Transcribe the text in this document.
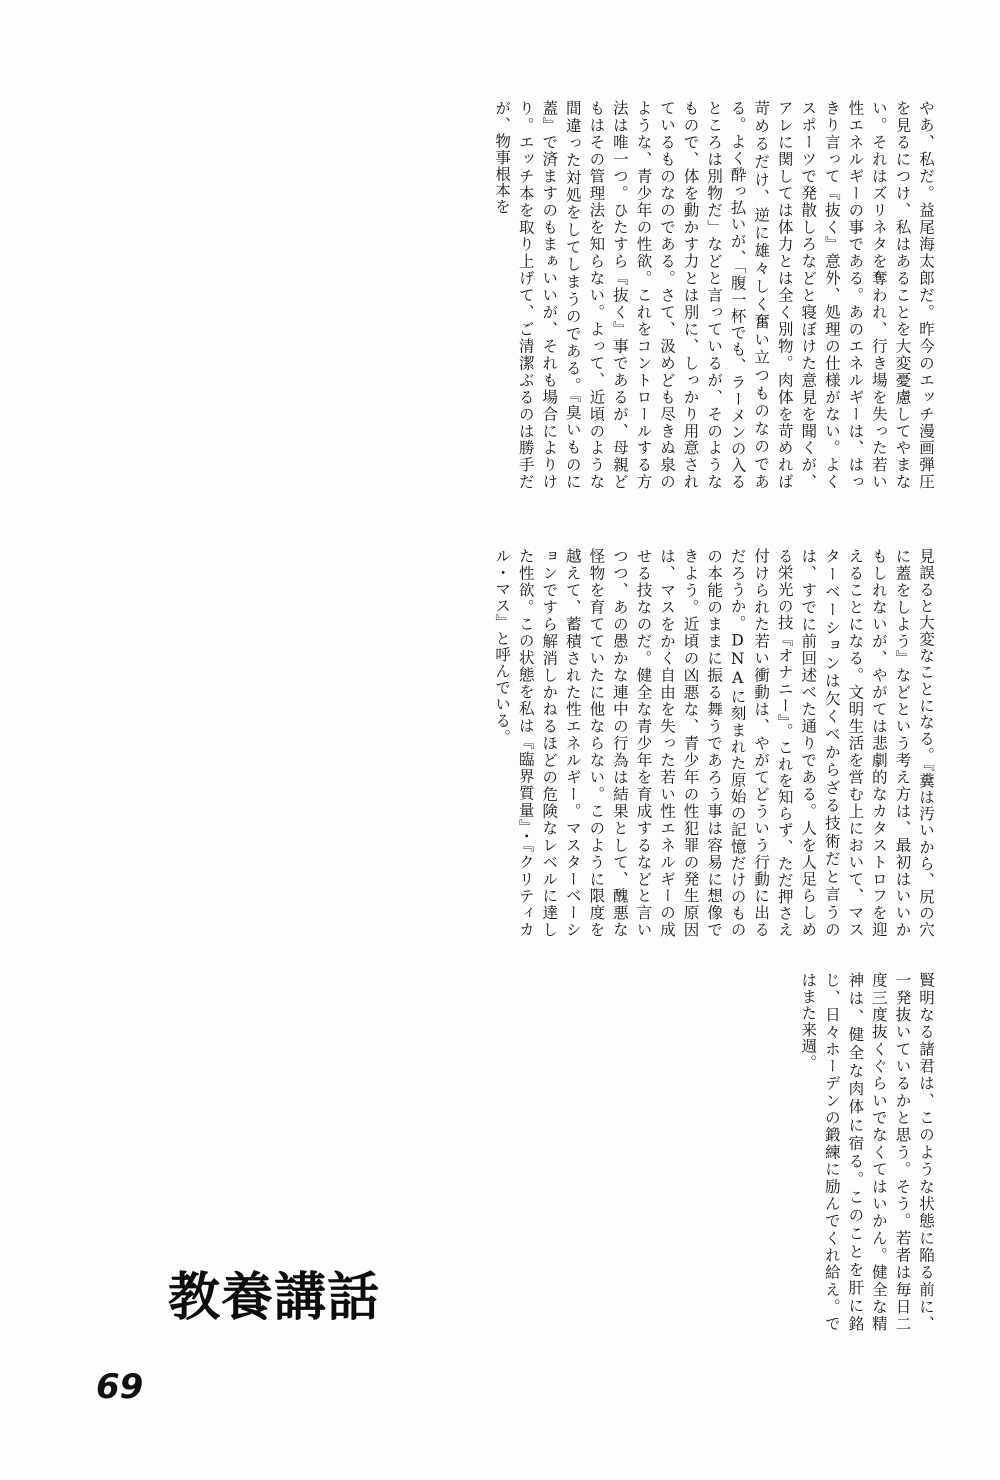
やあ、私だ。益尾海太郎だ。昨今のエッチ漫画弾圧を見るにつけ、私はあることを大変憂慮してやまない。それはズリネタを奪われ、行き場を失った若い性エネルギーの事である。あのエネルギーは、はっきり言って『抜く』意外、処理の仕様がない。よくスポーツで発散しろなどと寝ぼけた意見を聞くが、アレに関しては体力とは全く別物。肉体を苛めれば苛めるだけ、逆に雄々しく奮い立つものなのである。よく酔っ払いが、「腹一杯でも、ラーメンの入るところは別物だ」などと言っているが、そのようなもので、体を動かす力とは別に、しっかり用意されているものなのである。さて、汲めども尽きぬ泉のような、青少年の性欲。これをコントロールする方法は唯一つ。ひたすら『抜く』事であるが、母親どもはその管理法を知らない。よって、近頃のような間違った対処をしてしまうのである。『臭いものに蓋』で済ますのもまぁいいが、それも場合によりけり。エッチ本を取り上げて、ご清潔ぶるのは勝手だが、物事根本を
見誤ると大変なことになる。『糞は汚いから、尻の穴に蓋をしよう』などという考え方は、最初はいいかもしれないが、やがては悲劇的なカタストロフを迎えることになる。文明生活を営む上において、マスターベーションは欠くべからざる技術だと言うのは、すでに前回述べた通りである。人を人足らしめる栄光の技『オナニー』。これを知らず、ただ押さえ付けられた若い衝動は、やがてどういう行動に出るだろうか。DNAに刻まれた原始の記憶だけのものの本能のままに振る舞うであろう事は容易に想像できよう。近頃の凶悪な、青少年の性犯罪の発生原因は、マスをかく自由を失った若い性エネルギーの成せる技なのだ。健全な青少年を育成するなどと言いつつ、あの愚かな連中の行為は結果として、醜悪な怪物を育てていたに他ならない。このように限度を越えて、蓄積された性エネルギー。マスターベーションですら解消しかねるほどの危険なレベルに達した性欲。この状態を私は『臨界質量』・『クリティカル・マス』と呼んでいる。
賢明なる諸君は、このような状態に陥る前に、一発抜いているかと思う。そう。若者は毎日二度三度抜くぐらいでなくてはいかん。健全な精神は、健全な肉体に宿る。このことを肝に銘じ、日々ホーデンの鍛練に励んでくれ給え。ではまた来週。
教養講話
69
